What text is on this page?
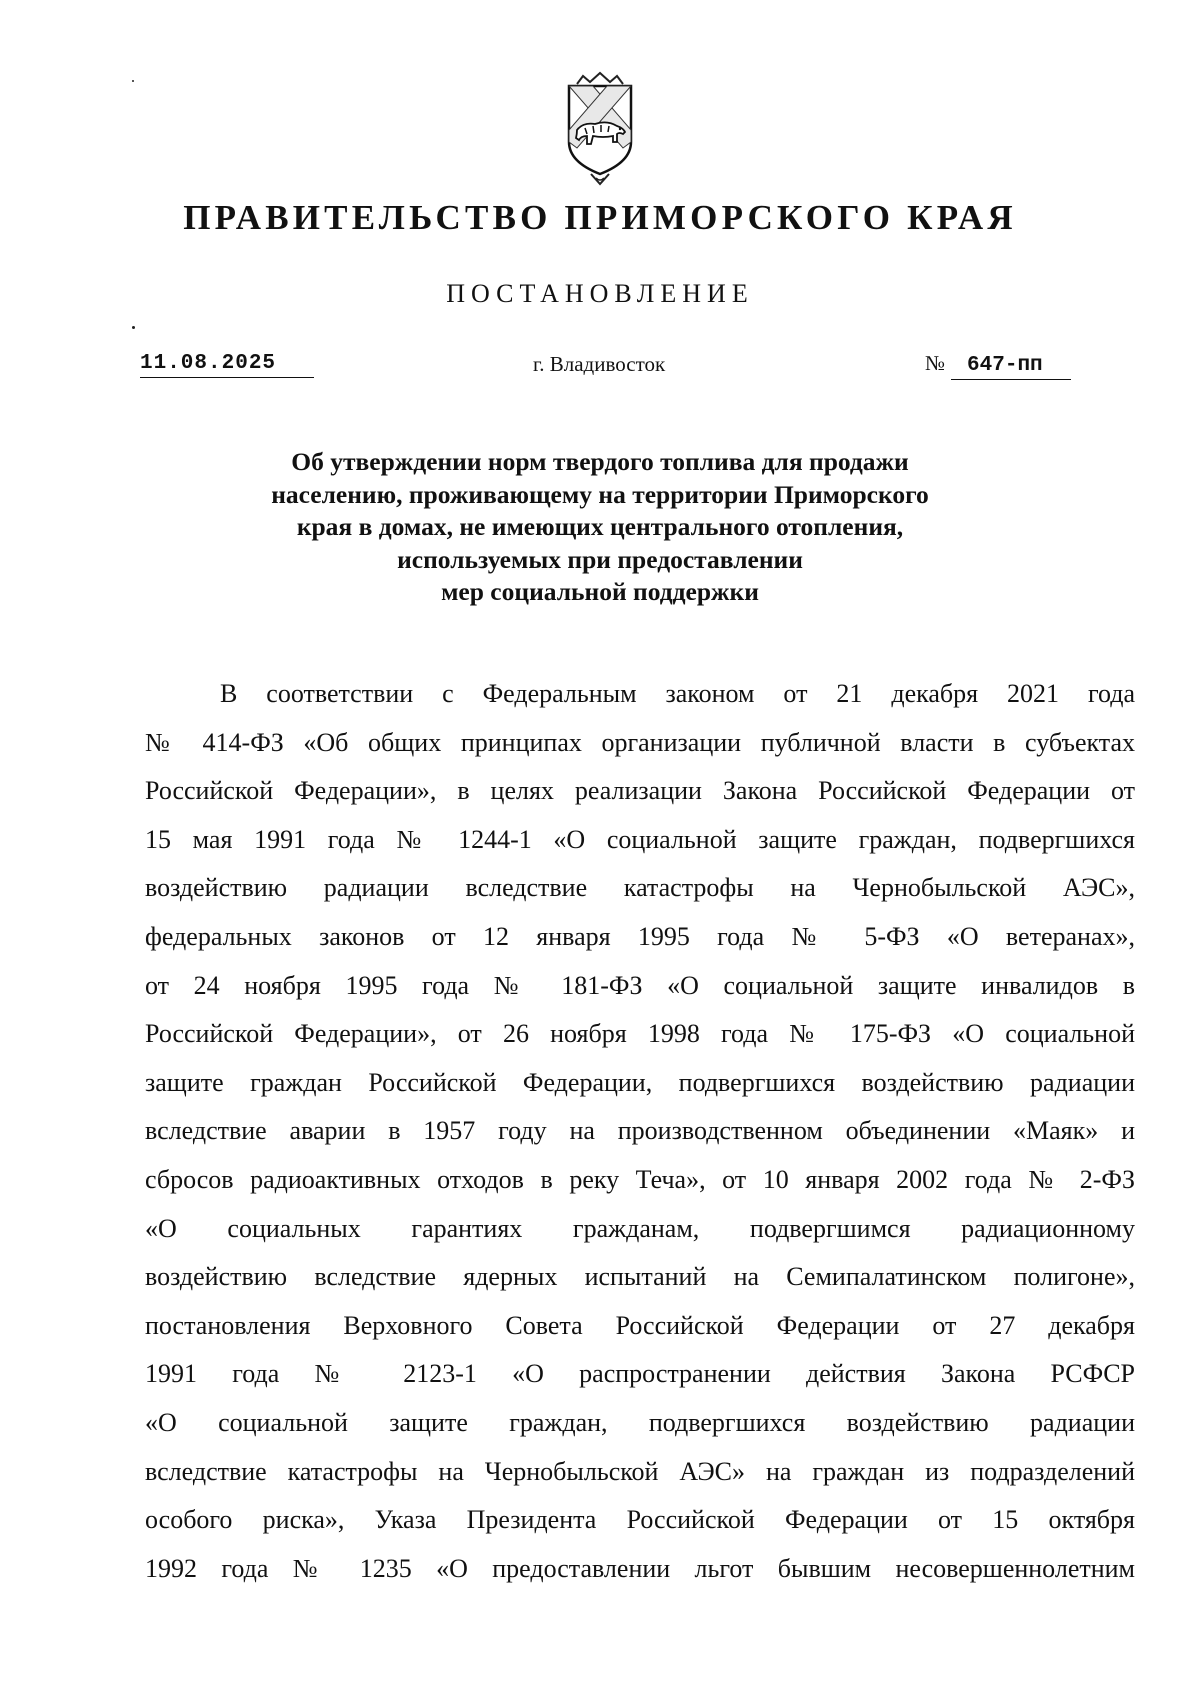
ПРАВИТЕЛЬСТВО ПРИМОРСКОГО КРАЯ
ПОСТАНОВЛЕНИЕ
11.08.2025	г. Владивосток	№ 647-пп
Об утверждении норм твердого топлива для продажи
населению, проживающему на территории Приморского
края в домах, не имеющих центрального отопления,
используемых при предоставлении
мер социальной поддержки
В соответствии с Федеральным законом от 21 декабря 2021 года
№ 414-ФЗ «Об общих принципах организации публичной власти в субъектах
Российской Федерации», в целях реализации Закона Российской Федерации от
15 мая 1991 года № 1244-1 «О социальной защите граждан, подвергшихся
воздействию радиации вследствие катастрофы на Чернобыльской АЭС»,
федеральных законов от 12 января 1995 года № 5-ФЗ «О ветеранах»,
от 24 ноября 1995 года № 181-ФЗ «О социальной защите инвалидов в
Российской Федерации», от 26 ноября 1998 года № 175-ФЗ «О социальной
защите граждан Российской Федерации, подвергшихся воздействию радиации
вследствие аварии в 1957 году на производственном объединении «Маяк» и
сбросов радиоактивных отходов в реку Теча», от 10 января 2002 года № 2-ФЗ
«О социальных гарантиях гражданам, подвергшимся радиационному
воздействию вследствие ядерных испытаний на Семипалатинском полигоне»,
постановления Верховного Совета Российской Федерации от 27 декабря
1991 года № 2123-1 «О распространении действия Закона РСФСР
«О социальной защите граждан, подвергшихся воздействию радиации
вследствие катастрофы на Чернобыльской АЭС» на граждан из подразделений
особого риска», Указа Президента Российской Федерации от 15 октября
1992 года № 1235 «О предоставлении льгот бывшим несовершеннолетним
